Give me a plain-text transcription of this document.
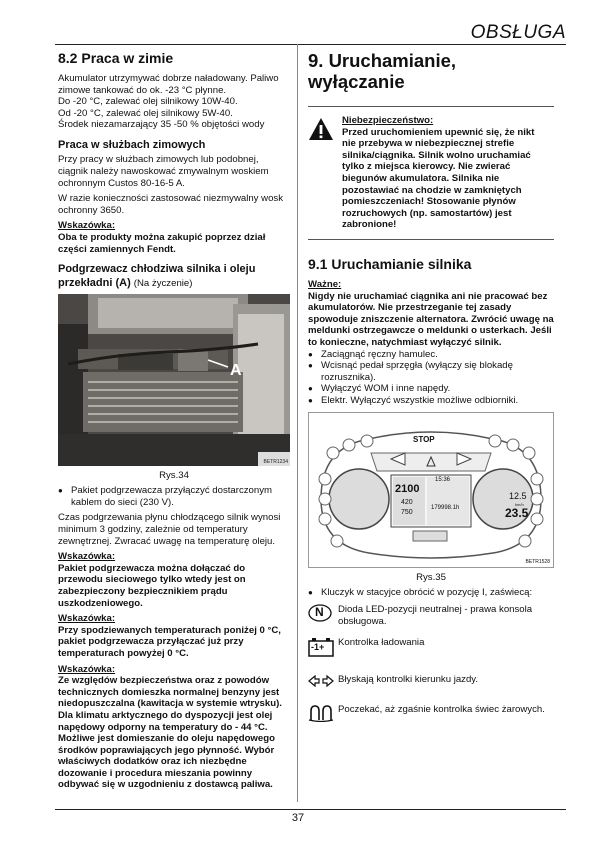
OBSŁUGA
8.2 Praca w zimie
Akumulator utrzymywać dobrze naładowany. Paliwo zimowe tankować do ok. -23 °C płynne.
Do -20 °C, zalewać olej silnikowy 10W-40.
Od -20 °C, zalewać olej silnikowy 5W-40.
Środek niezamarzający 35 -50 % objętości wody
Praca w służbach zimowych
Przy pracy w służbach zimowych lub podobnej, ciągnik należy nawoskować zmywalnym woskiem ochronnym Custos 80-16-5 A.
W razie konieczności zastosować niezmywalny wosk ochronny 3650.
Wskazówka:
Oba te produkty można zakupić poprzez dział części zamiennych Fendt.
Podgrzewacz chłodziwa silnika i oleju przekładni (A) (Na życzenie)
A
BETR1234
Rys.34
● Pakiet podgrzewacza przyłączyć dostarczonym kablem do sieci (230 V).
Czas podgrzewania płynu chłodzącego silnik wynosi minimum 3 godziny, zależnie od temperatury zewnętrznej. Zwracać uwagę na temperaturę oleju.
Wskazówka:
Pakiet podgrzewacza można dołączać do przewodu sieciowego tylko wtedy jest on zabezpieczony bezpiecznikiem prądu uszkodzeniowego.
Wskazówka:
Przy spodziewanych temperaturach poniżej 0 °C, pakiet podgrzewacza przyłączać już przy temperaturach powyżej 0 °C.
Wskazówka:
Ze względów bezpieczeństwa oraz z powodów technicznych domieszka normalnej benzyny jest niedopuszczalna (kawitacja w systemie wtrysku). Dla klimatu arktycznego do dyspozycji jest olej napędowy odporny na temperatury do - 44 °C. Możliwe jest domieszanie do oleju napędowego środków poprawiających jego płynność. Wybór właściwych dodatków oraz ich niezbędne dozowanie i procedura mieszania powinny odbywać się w uzgodnieniu z dostawcą paliwa.
9. Uruchamianie, wyłączanie
Niebezpieczeństwo:
Przed uruchomieniem upewnić się, że nikt nie przebywa w niebezpiecznej strefie silnika/ciągnika. Silnik wolno uruchamiać tylko z miejsca kierowcy. Nie zwierać biegunów akumulatora. Silnika nie pozostawiać na chodzie w zamkniętych pomieszczeniach! Stosowanie płynów rozruchowych (np. samostartów) jest zabronione!
9.1 Uruchamianie silnika
Ważne:
Nigdy nie uruchamiać ciągnika ani nie pracować bez akumulatorów. Nie przestrzeganie tej zasady spowoduje zniszczenie alternatora. Zwrócić uwagę na meldunki ostrzegawcze o meldunki o usterkach. Jeśli to konieczne, natychmiast wyłączyć silnik.
● Zaciągnąć ręczny hamulec.
● Wcisnąć pedał sprzęgła (wyłączy się blokadę rozrusznika).
● Wyłączyć WOM i inne napędy.
● Elektr. Wyłączyć wszystkie możliwe odbiorniki.
STOP
15:36
2100
420
750
179998.1h
12.5
km/h
23.5
BETR1528
Rys.35
● Kluczyk w stacyjce obrócić w pozycję I, zaświecą:
N Dioda LED-pozycji neutralnej - prawa konsola obsługowa.
-1+ Kontrolka ładowania
Błyskają kontrolki kierunku jazdy.
Poczekać, aż zgaśnie kontrolka świec żarowych.
37
